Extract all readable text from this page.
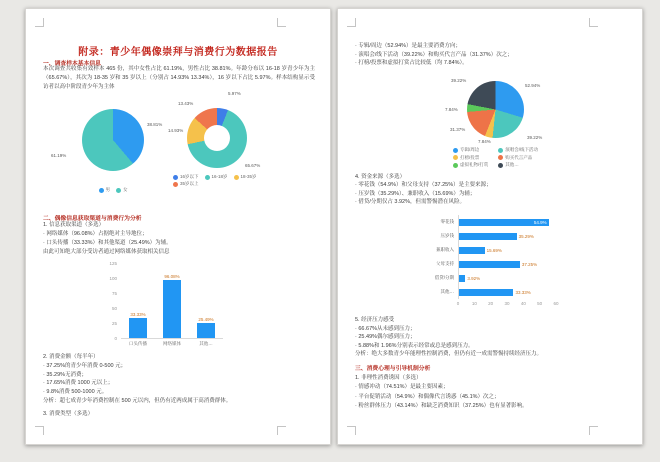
附录：青少年偶像崇拜与消费行为数据报告
一、调查样本基本信息
本次调查共收集有效样本 465 份，其中女性占比 61.19%，男性占比 38.81%。年龄分布以 16-18 岁青少年为主（65.67%），其次为 18-35 岁和 35 岁以上（分别占 14.93% 13.34%），16 岁以下占比 5.97%。样本结构显示受访者以高中阶段青少年为主体
38.81%
61.19%
男	女
5.97%
65.67%
14.93%
13.43%
16岁以下	16-18岁	18-35岁
35岁以上
二、偶像信息获取渠道与消费行为分析
1. 信息获取渠道（多选）
· 网络媒体（96.08%）占据绝对主导地位；
· 口头传播（33.33%）和其他渠道（25.49%）为辅。
由此可知绝大部分受访者通过网络媒体获取相关信息
0
25
50
75
100
125
33.33%
口头传播
96.08%
网络媒体
25.49%
其他…
2. 消费金额（每半年）
· 37.25%的青少年消费 0-500 元；
· 35.29%无消费；
· 17.65%消费 1000 元以上；
· 9.8%消费 500-1000 元。
分析：超七成青少年消费控制在 500 元以内，但仍有近两成属于高消费群体。
3. 消费类型（多选）
· 专辑/周边（52.94%）是最主要消费方向；
· 演唱会/线下活动（39.22%）和购买代言产品（31.37%）次之；
· 打榜/投票和虚拟打赏占比较低（均 7.84%）。
52.94%
39.22%
7.84%
31.37%
7.84%
39.22%
专辑/周边	演唱会/线下活动
打榜/投票	购买代言产品
虚拟礼物/打赏	其他…
4. 资金来源（多选）
· 零花钱（54.9%）和父母支持（37.25%）是主要来源；
· 压岁钱（35.29%）、兼职收入（15.69%）为辅；
· 借贷/分期仅占 3.92%，但需警惕潜在风险。
零花钱	54.9%
压岁钱	35.29%
兼职收入	15.69%
父母支持	37.25%
借贷/分期	3.92%
其他…	33.33%
0	10	20	30	40	50	60
5. 经济压力感受
· 66.67%从未感到压力；
· 25.49%偶尔感到压力；
· 5.88%和 1.96%分别表示经常或总是感到压力。
分析：绝大多数青少年能理性控制消费，但仍有近一成需警惕持续经济压力。
三、消费心理与引导机制分析
1. 非理性消费诱因（多选）
· 情感冲动（74.51%）是最主要因素；
· 平台促销活动（54.9%）和偶像代言诱惑（45.1%）次之；
· 粉丝群体压力（43.14%）和缺乏消费知识（37.25%）也有显著影响。
